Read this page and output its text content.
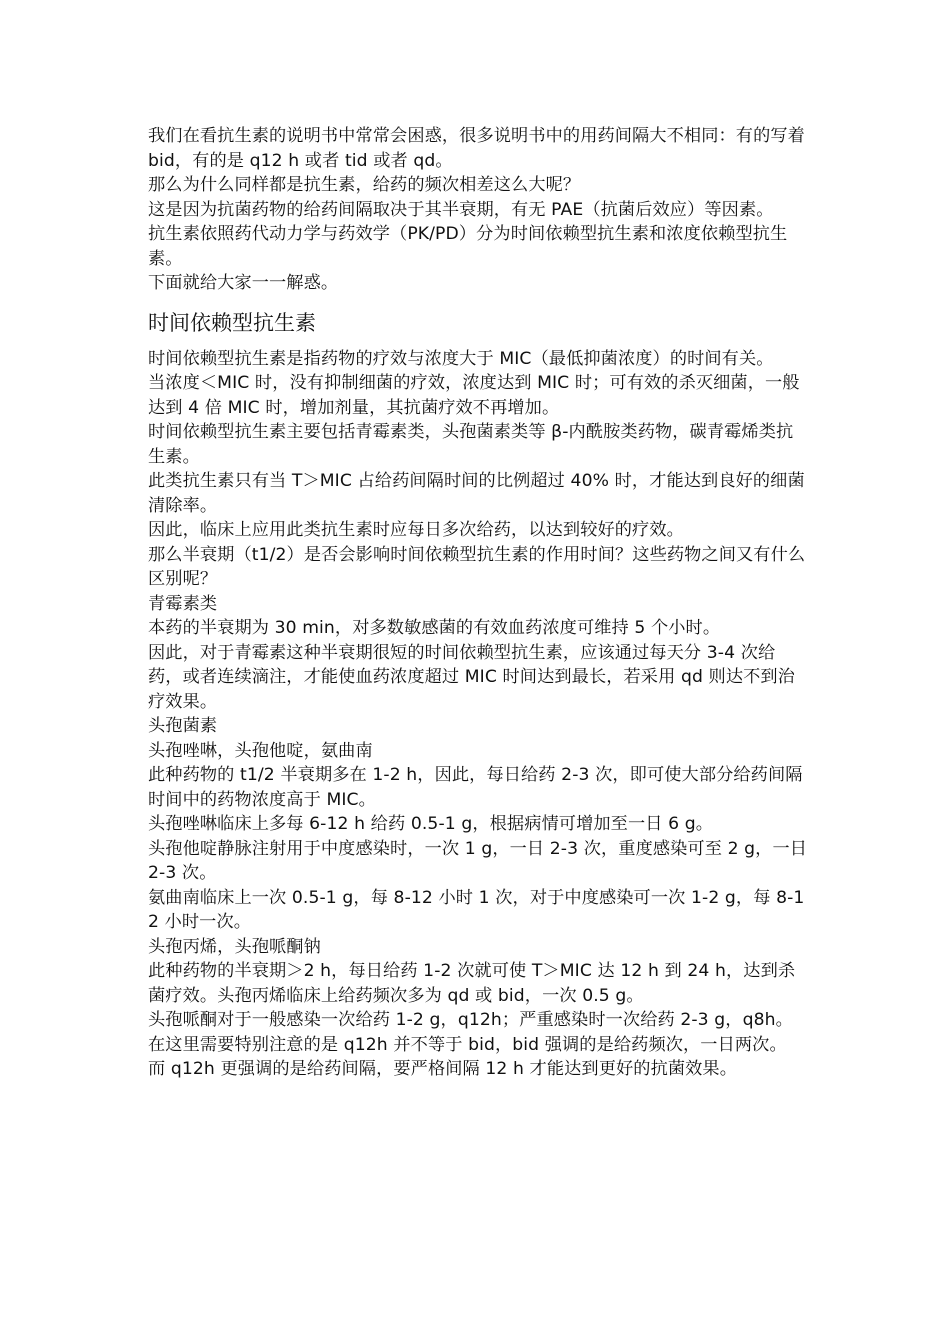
我们在看抗生素的说明书中常常会困惑，很多说明书中的用药间隔大不相同：有的写着 bid，有的是 q12 h 或者 tid 或者 qd。

那么为什么同样都是抗生素，给药的频次相差这么大呢？

这是因为抗菌药物的给药间隔取决于其半衰期，有无 PAE（抗菌后效应）等因素。

抗生素依照药代动力学与药效学（PK/PD）分为时间依赖型抗生素和浓度依赖型抗生素。

下面就给大家一一解惑。

时间依赖型抗生素

时间依赖型抗生素是指药物的疗效与浓度大于 MIC（最低抑菌浓度）的时间有关。

当浓度＜MIC 时，没有抑制细菌的疗效，浓度达到 MIC 时；可有效的杀灭细菌，一般达到 4 倍 MIC 时，增加剂量，其抗菌疗效不再增加。

时间依赖型抗生素主要包括青霉素类，头孢菌素类等 β-内酰胺类药物，碳青霉烯类抗生素。

此类抗生素只有当 T＞MIC 占给药间隔时间的比例超过 40% 时，才能达到良好的细菌清除率。

因此，临床上应用此类抗生素时应每日多次给药，以达到较好的疗效。

那么半衰期（t1/2）是否会影响时间依赖型抗生素的作用时间？这些药物之间又有什么区别呢？

青霉素类

本药的半衰期为 30 min，对多数敏感菌的有效血药浓度可维持 5 个小时。

因此，对于青霉素这种半衰期很短的时间依赖型抗生素，应该通过每天分 3-4 次给药，或者连续滴注，才能使血药浓度超过 MIC 时间达到最长，若采用 qd 则达不到治疗效果。

头孢菌素

头孢唑啉，头孢他啶，氨曲南

此种药物的 t1/2 半衰期多在 1-2 h，因此，每日给药 2-3 次，即可使大部分给药间隔时间中的药物浓度高于 MIC。

头孢唑啉临床上多每 6-12 h 给药 0.5-1 g，根据病情可增加至一日 6 g。

头孢他啶静脉注射用于中度感染时，一次 1 g，一日 2-3 次，重度感染可至 2 g，一日 2-3 次。

氨曲南临床上一次 0.5-1 g，每 8-12 小时 1 次，对于中度感染可一次 1-2 g，每 8-12 小时一次。

头孢丙烯，头孢哌酮钠

此种药物的半衰期＞2 h，每日给药 1-2 次就可使 T＞MIC 达 12 h 到 24 h，达到杀菌疗效。头孢丙烯临床上给药频次多为 qd 或 bid，一次 0.5 g。

头孢哌酮对于一般感染一次给药 1-2 g，q12h；严重感染时一次给药 2-3 g，q8h。

在这里需要特别注意的是 q12h 并不等于 bid，bid 强调的是给药频次，一日两次。

而 q12h 更强调的是给药间隔，要严格间隔 12 h 才能达到更好的抗菌效果。
